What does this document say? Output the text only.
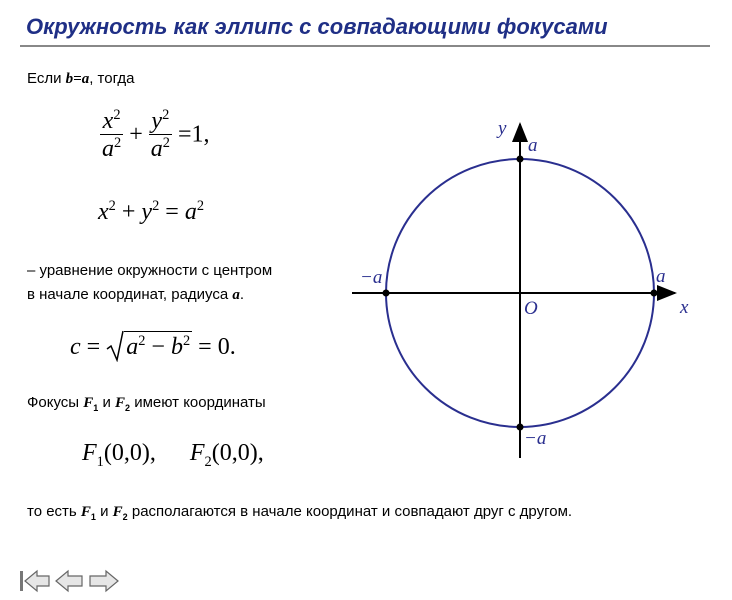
Окружность как эллипс с совпадающими фокусами
Если b=a, тогда
$\frac{x^2}{a^2} + \frac{y^2}{a^2} =1$,
$x^2 + y^2 = a^2$
– уравнение окружности с центром
в начале координат, радиуса a.
$c = a^2 - b^2 = 0$.
Фокусы $F_1$ и $F_2$ имеют координаты
$F_1(0,0)$, $F_2(0,0)$,
то есть $F_1$ и $F_2$ располагаются в начале координат и совпадают друг с другом.
y
x
O
a
−a
−a	a
